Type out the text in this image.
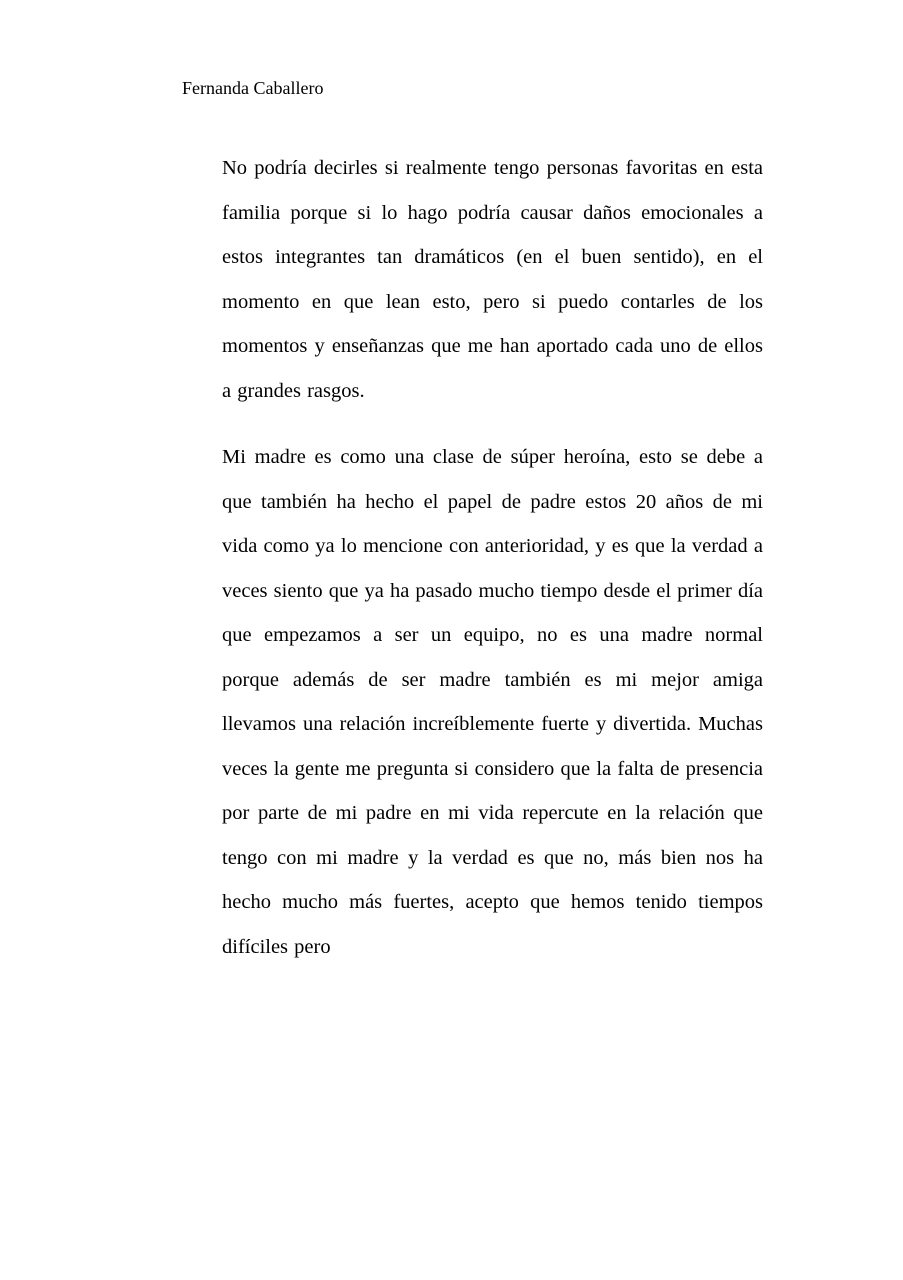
Fernanda Caballero

No podría decirles si realmente tengo personas favoritas en esta familia porque si lo hago podría causar daños emocionales a estos integrantes tan dramáticos (en el buen sentido), en el momento en que lean esto, pero si puedo contarles de los momentos y enseñanzas que me han aportado cada uno de ellos a grandes rasgos.

Mi madre es como una clase de súper heroína, esto se debe a que también ha hecho el papel de padre estos 20 años de mi vida como ya lo mencione con anterioridad, y es que la verdad a veces siento que ya ha pasado mucho tiempo desde el primer día que empezamos a ser un equipo, no es una madre normal porque además de ser madre también es mi mejor amiga llevamos una relación increíblemente fuerte y divertida. Muchas veces la gente me pregunta si considero que la falta de presencia por parte de mi padre en mi vida repercute en la relación que tengo con mi madre y la verdad es que no, más bien nos ha hecho mucho más fuertes, acepto que hemos tenido tiempos difíciles pero
